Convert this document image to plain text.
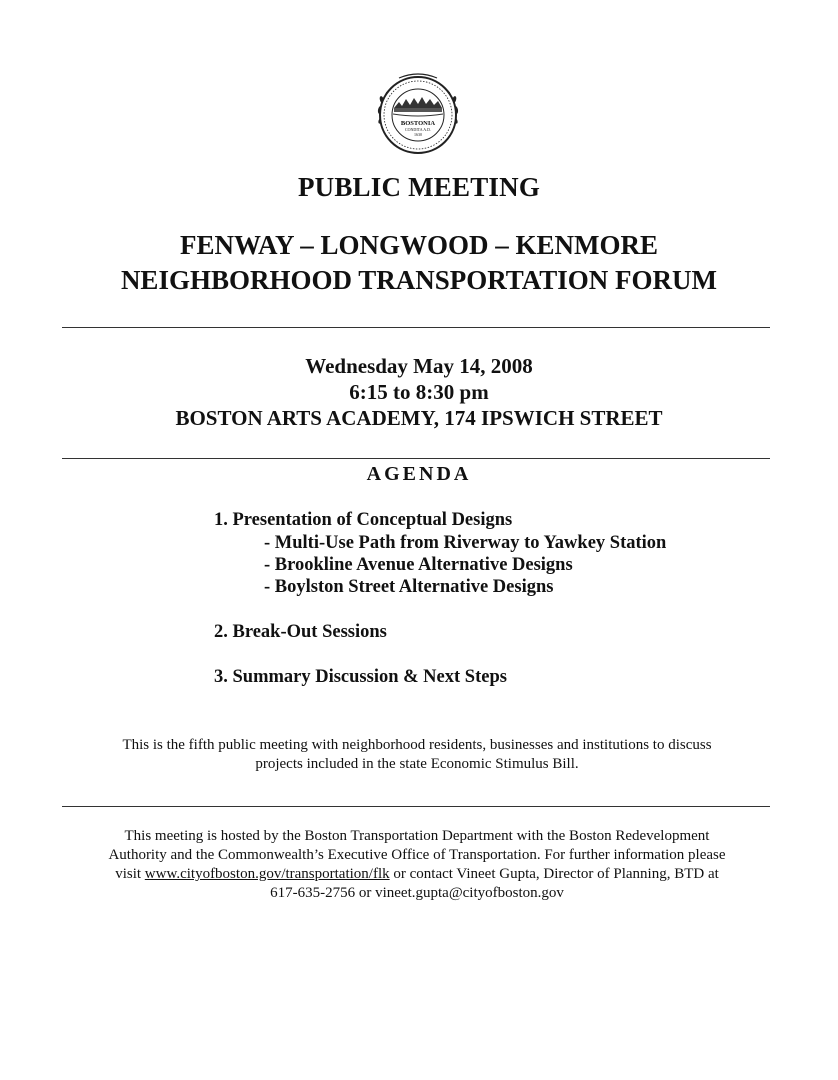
BOSTONIA
CONDITA A.D.
1630
PUBLIC MEETING
FENWAY – LONGWOOD – KENMORE
NEIGHBORHOOD TRANSPORTATION FORUM
Wednesday May 14, 2008
6:15 to 8:30 pm
BOSTON ARTS ACADEMY, 174 IPSWICH STREET
AGENDA
1. Presentation of Conceptual Designs
- Multi-Use Path from Riverway to Yawkey Station
- Brookline Avenue Alternative Designs
- Boylston Street Alternative Designs
2. Break-Out Sessions
3. Summary Discussion & Next Steps
This is the fifth public meeting with neighborhood residents, businesses and institutions to discuss
projects included in the state Economic Stimulus Bill.
This meeting is hosted by the Boston Transportation Department with the Boston Redevelopment
Authority and the Commonwealth’s Executive Office of Transportation. For further information please
visit www.cityofboston.gov/transportation/flk or contact Vineet Gupta, Director of Planning, BTD at
617-635-2756 or vineet.gupta@cityofboston.gov
